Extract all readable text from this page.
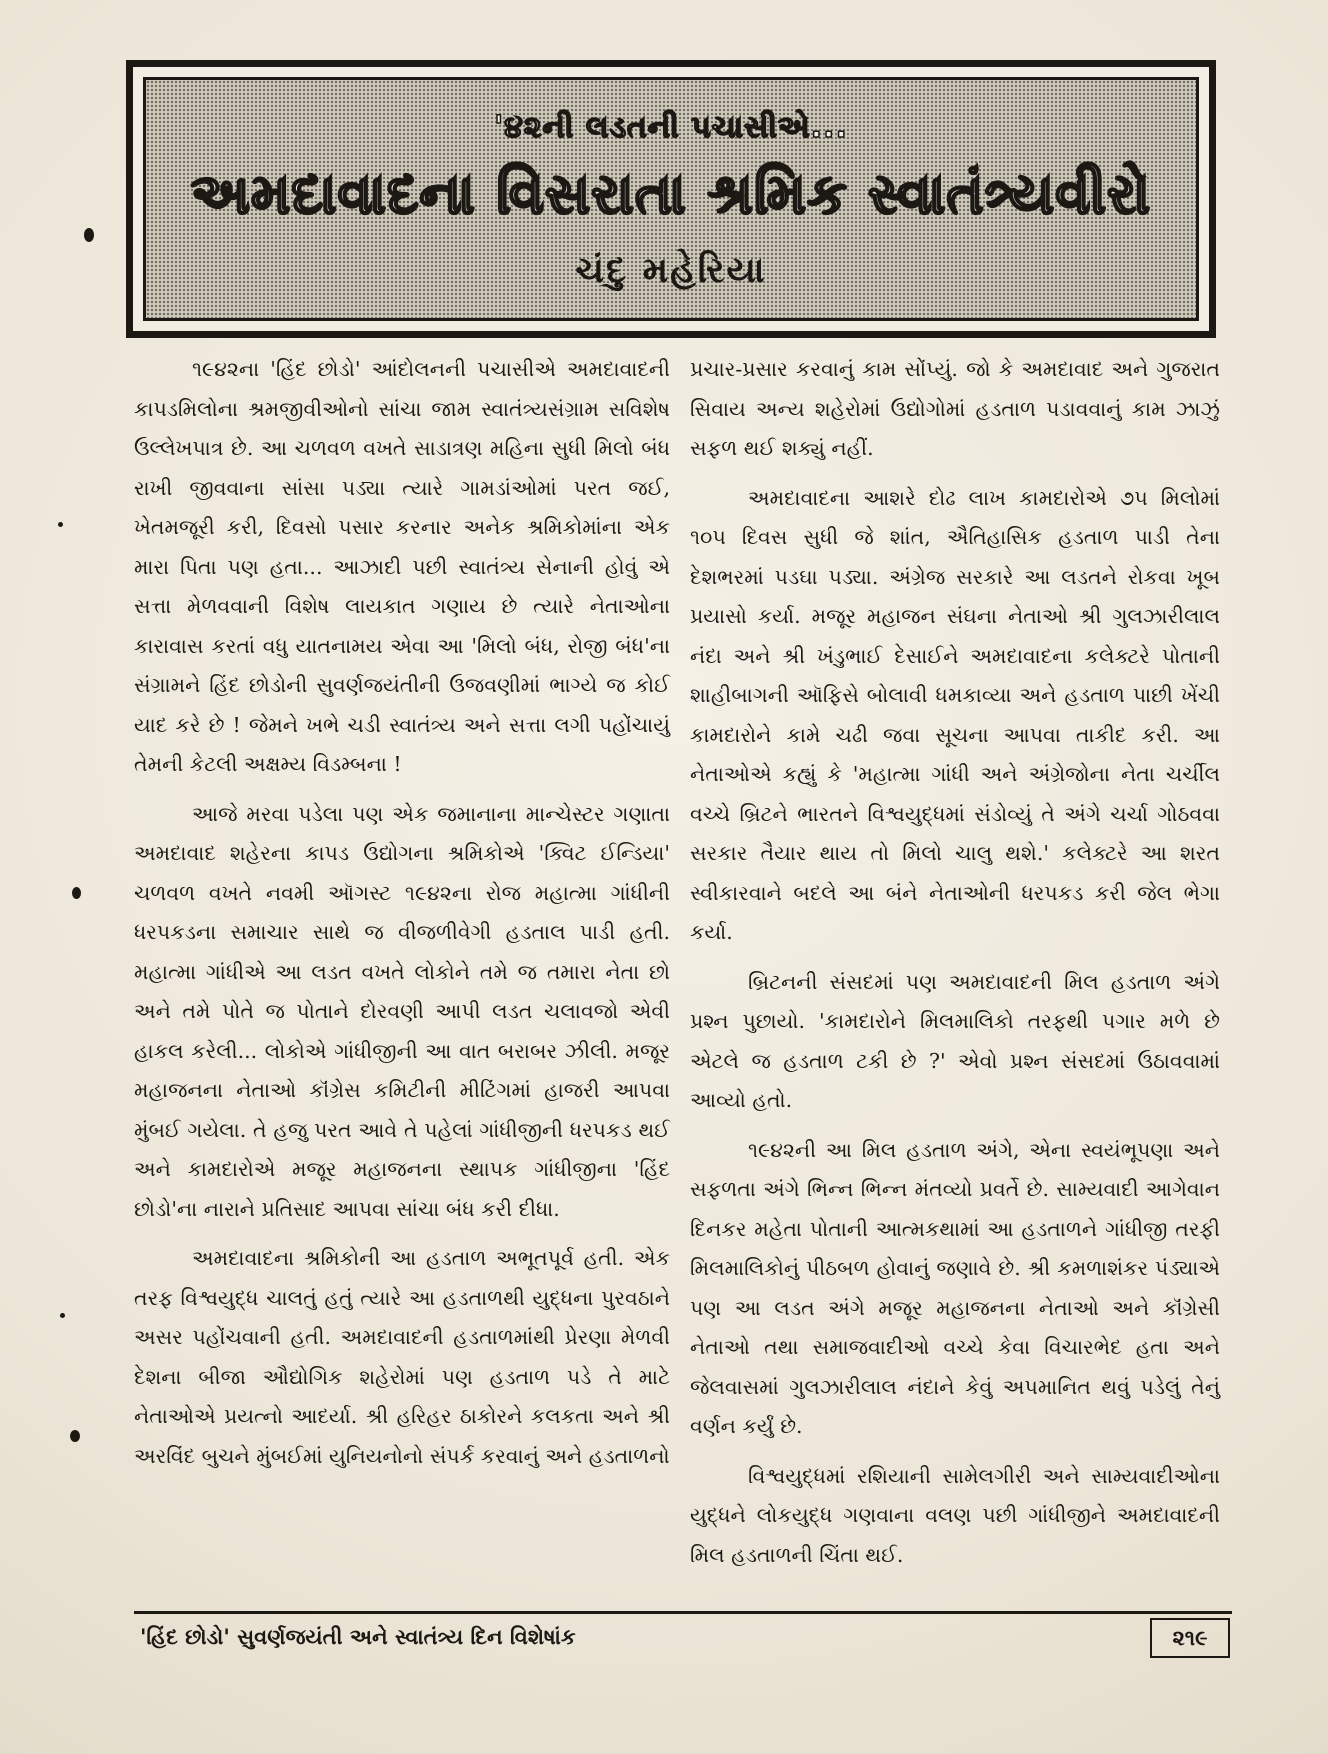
'૪૨ની લડતની પચાસીએ...
અમદાવાદના વિસરાતા શ્રમિક સ્વાતંત્ર્યવીરો
ચંદુ મહેરિયા

૧૯૪૨ના 'હિંદ છોડો' આંદોલનની પચાસીએ અમદાવાદની કાપડમિલોના શ્રમજીવીઓનો સાંચા જામ સ્વાતંત્ર્યસંગ્રામ સવિશેષ ઉલ્લેખપાત્ર છે. આ ચળવળ વખતે સાડાત્રણ મહિના સુધી મિલો બંધ રાખી જીવવાના સાંસા પડ્યા ત્યારે ગામડાંઓમાં પરત જઈ, ખેતમજૂરી કરી, દિવસો પસાર કરનાર અનેક શ્રમિકોમાંના એક મારા પિતા પણ હતા... આઝાદી પછી સ્વાતંત્ર્ય સેનાની હોવું એ સત્તા મેળવવાની વિશેષ લાયકાત ગણાય છે ત્યારે નેતાઓના કારાવાસ કરતાં વધુ યાતનામય એવા આ 'મિલો બંધ, રોજી બંધ'ના સંગ્રામને હિંદ છોડોની સુવર્ણજયંતીની ઉજવણીમાં ભાગ્યે જ કોઈ યાદ કરે છે ! જેમને ખભે ચડી સ્વાતંત્ર્ય અને સત્તા લગી પહોંચાયું તેમની કેટલી અક્ષમ્ય વિડમ્બના !

આજે મરવા પડેલા પણ એક જમાનાના માન્ચેસ્ટર ગણાતા અમદાવાદ શહેરના કાપડ ઉદ્યોગના શ્રમિકોએ 'ક્વિટ ઈન્ડિયા' ચળવળ વખતે નવમી ઑગસ્ટ ૧૯૪૨ના રોજ મહાત્મા ગાંધીની ધરપકડના સમાચાર સાથે જ વીજળીવેગી હડતાલ પાડી હતી. મહાત્મા ગાંધીએ આ લડત વખતે લોકોને તમે જ તમારા નેતા છો અને તમે પોતે જ પોતાને દોરવણી આપી લડત ચલાવજો એવી હાકલ કરેલી... લોકોએ ગાંધીજીની આ વાત બરાબર ઝીલી. મજૂર મહાજનના નેતાઓ કૉંગ્રેસ કમિટીની મીટિંગમાં હાજરી આપવા મુંબઈ ગયેલા. તે હજુ પરત આવે તે પહેલાં ગાંધીજીની ધરપકડ થઈ અને કામદારોએ મજૂર મહાજનના સ્થાપક ગાંધીજીના 'હિંદ છોડો'ના નારાને પ્રતિસાદ આપવા સાંચા બંધ કરી દીધા.

અમદાવાદના શ્રમિકોની આ હડતાળ અભૂતપૂર્વ હતી. એક તરફ વિશ્વયુદ્ધ ચાલતું હતું ત્યારે આ હડતાળથી યુદ્ધના પુરવઠાને અસર પહોંચવાની હતી. અમદાવાદની હડતાળમાંથી પ્રેરણા મેળવી દેશના બીજા ઔદ્યોગિક શહેરોમાં પણ હડતાળ પડે તે માટે નેતાઓએ પ્રયત્નો આદર્યા. શ્રી હરિહર ઠાકોરને કલકતા અને શ્રી અરવિંદ બુચને મુંબઈમાં યુનિયનોનો સંપર્ક કરવાનું અને હડતાળનો

પ્રચાર-પ્રસાર કરવાનું કામ સોંપ્યું. જો કે અમદાવાદ અને ગુજરાત સિવાય અન્ય શહેરોમાં ઉદ્યોગોમાં હડતાળ પડાવવાનું કામ ઝાઝું સફળ થઈ શક્યું નહીં.

અમદાવાદના આશરે દોઢ લાખ કામદારોએ ૭૫ મિલોમાં ૧૦૫ દિવસ સુધી જે શાંત, ઐતિહાસિક હડતાળ પાડી તેના દેશભરમાં પડઘા પડ્યા. અંગ્રેજ સરકારે આ લડતને રોકવા ખૂબ પ્રયાસો કર્યા. મજૂર મહાજન સંઘના નેતાઓ શ્રી ગુલઝારીલાલ નંદા અને શ્રી ખંડુભાઈ દેસાઈને અમદાવાદના કલેક્ટરે પોતાની શાહીબાગની ઑફિસે બોલાવી ધમકાવ્યા અને હડતાળ પાછી ખેંચી કામદારોને કામે ચઢી જવા સૂચના આપવા તાકીદ કરી. આ નેતાઓએ કહ્યું કે 'મહાત્મા ગાંધી અને અંગ્રેજોના નેતા ચર્ચીલ વચ્ચે બ્રિટને ભારતને વિશ્વયુદ્ધમાં સંડોવ્યું તે અંગે ચર્ચા ગોઠવવા સરકાર તૈયાર થાય તો મિલો ચાલુ થશે.' કલેક્ટરે આ શરત સ્વીકારવાને બદલે આ બંને નેતાઓની ધરપકડ કરી જેલ ભેગા કર્યા.

બ્રિટનની સંસદમાં પણ અમદાવાદની મિલ હડતાળ અંગે પ્રશ્ન પુછાયો. 'કામદારોને મિલમાલિકો તરફથી પગાર મળે છે એટલે જ હડતાળ ટકી છે ?' એવો પ્રશ્ન સંસદમાં ઉઠાવવામાં આવ્યો હતો.

૧૯૪૨ની આ મિલ હડતાળ અંગે, એના સ્વયંભૂપણા અને સફળતા અંગે ભિન્ન ભિન્ન મંતવ્યો પ્રવર્તે છે. સામ્યવાદી આગેવાન દિનકર મહેતા પોતાની આત્મકથામાં આ હડતાળને ગાંધીજી તરફી મિલમાલિકોનું પીઠબળ હોવાનું જણાવે છે. શ્રી કમળાશંકર પંડ્યાએ પણ આ લડત અંગે મજૂર મહાજનના નેતાઓ અને કૉંગ્રેસી નેતાઓ તથા સમાજવાદીઓ વચ્ચે કેવા વિચારભેદ હતા અને જેલવાસમાં ગુલઝારીલાલ નંદાને કેવું અપમાનિત થવું પડેલું તેનું વર્ણન કર્યું છે.

વિશ્વયુદ્ધમાં રશિયાની સામેલગીરી અને સામ્યવાદીઓના યુદ્ધને લોકયુદ્ધ ગણવાના વલણ પછી ગાંધીજીને અમદાવાદની મિલ હડતાળની ચિંતા થઈ.

'હિંદ છોડો' સુવર્ણજયંતી અને સ્વાતંત્ર્ય દિન વિશેષાંક	૨૧૯
